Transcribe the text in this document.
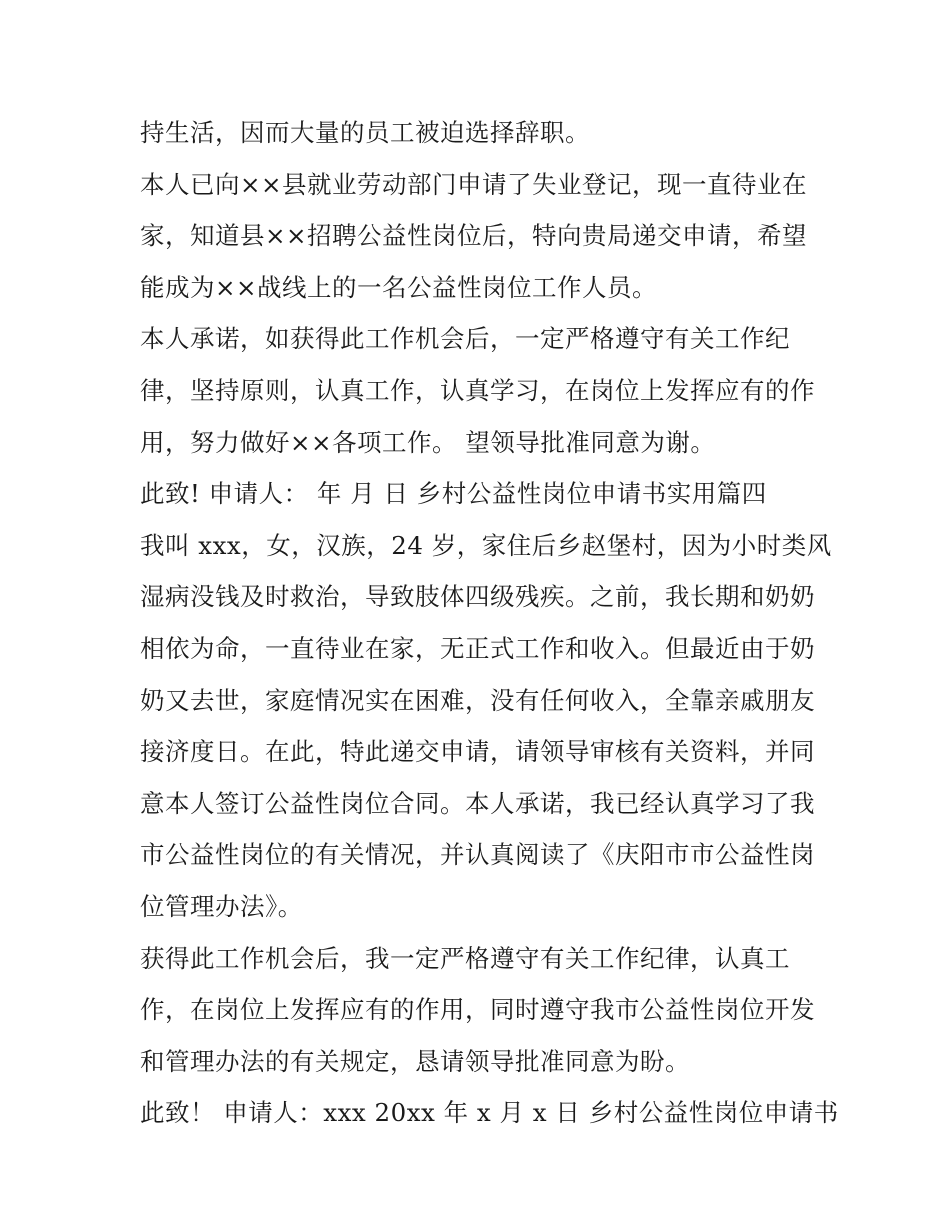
持生活，因而大量的员工被迫选择辞职。
本人已向××县就业劳动部门申请了失业登记，现一直待业在
家，知道县××招聘公益性岗位后，特向贵局递交申请，希望
能成为××战线上的一名公益性岗位工作人员。
本人承诺，如获得此工作机会后，一定严格遵守有关工作纪
律，坚持原则，认真工作，认真学习，在岗位上发挥应有的作
用，努力做好××各项工作。 望领导批准同意为谢。
此致! 申请人： 年 月 日 乡村公益性岗位申请书实用篇四
我叫 xxx，女，汉族，24 岁，家住后乡赵堡村，因为小时类风
湿病没钱及时救治，导致肢体四级残疾。之前，我长期和奶奶
相依为命，一直待业在家，无正式工作和收入。但最近由于奶
奶又去世，家庭情况实在困难，没有任何收入，全靠亲戚朋友
接济度日。在此，特此递交申请，请领导审核有关资料，并同
意本人签订公益性岗位合同。本人承诺，我已经认真学习了我
市公益性岗位的有关情况，并认真阅读了《庆阳市市公益性岗
位管理办法》。
获得此工作机会后，我一定严格遵守有关工作纪律，认真工
作，在岗位上发挥应有的作用，同时遵守我市公益性岗位开发
和管理办法的有关规定，恳请领导批准同意为盼。
此致！ 申请人：xxx 20xx 年 x 月 x 日 乡村公益性岗位申请书
